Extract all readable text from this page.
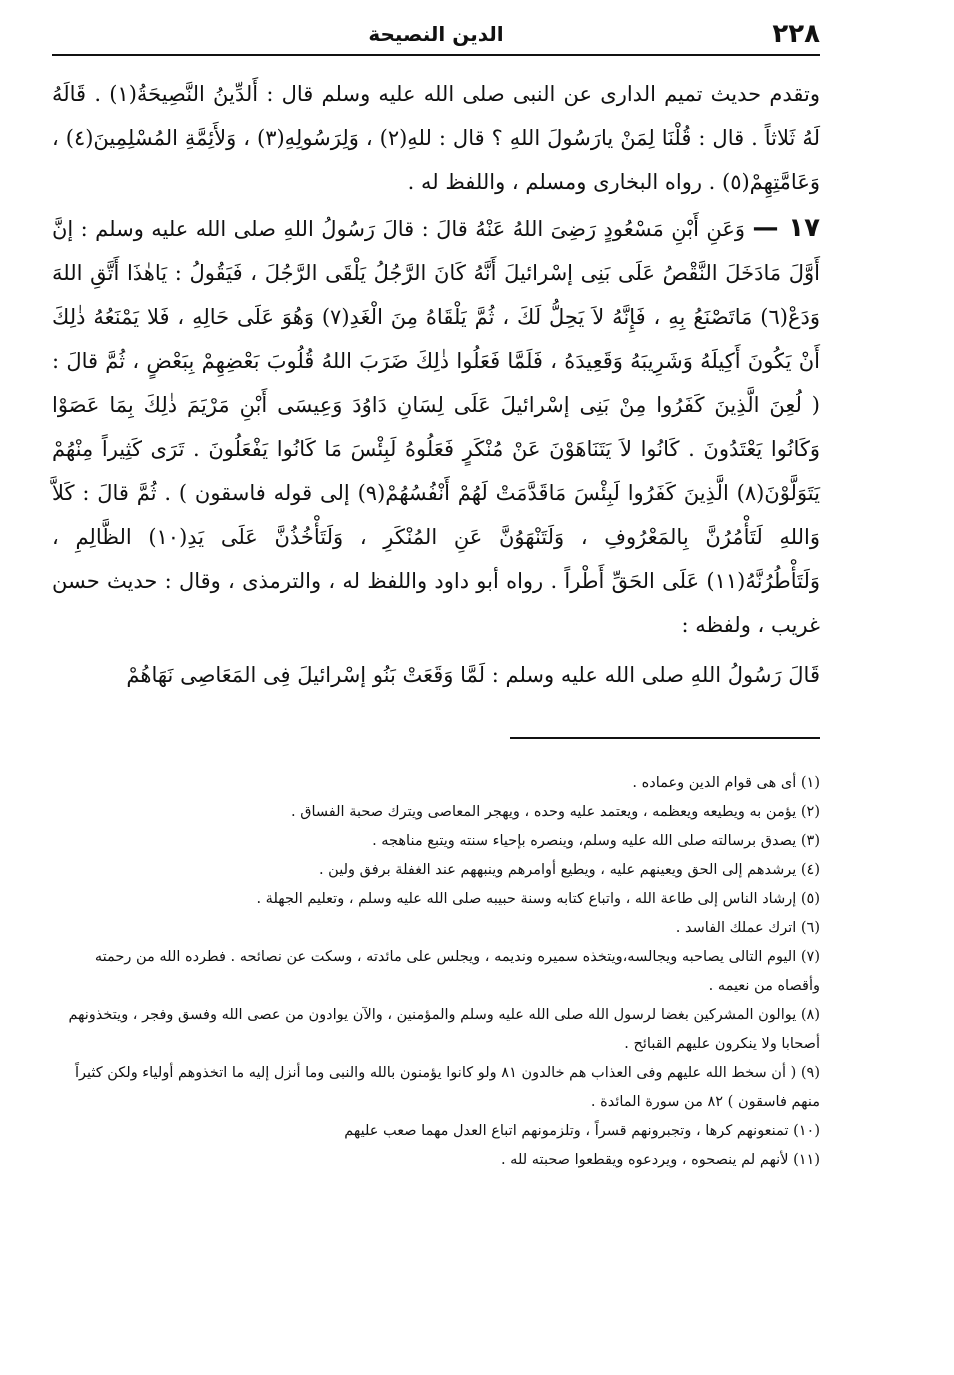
٢٢٨
الدين النصيحة

وتقدم حديث تميم الدارى عن النبى صلى الله عليه وسلم قال : أَلدِّينُ النَّصِيحَةُ(١) . قَالَهُ لَهُ ثَلاثاً . قال : قُلْنَا لِمَنْ يارَسُولَ اللهِ ؟ قال : للهِ(٢) ، وَلِرَسُولِهِ(٣) ، وَلأَئِمَّةِ المُسْلِمِينَ(٤) ، وَعَامَّتِهِمْ(٥) . رواه البخارى ومسلم ، واللفظ له .

١٧ — وَعَنِ أَبْنِ مَسْعُودٍ رَضِىَ اللهُ عَنْهُ قالَ : قالَ رَسُولُ اللهِ صلى الله عليه وسلم : إنَّ أَوَّلَ مَادَخَلَ النَّقْصُ عَلَى بَنِى إسْرائيلَ أَنَّهُ كَانَ الرَّجُلُ يَلْقَى الرَّجُلَ ، فَيَقُولُ : يَاهٰذَا أَتَّقِ اللهَ وَدَعْ(٦) مَاتَصْنَعُ بِهِ ، فَإِنَّهُ لاَ يَحِلُّ لَكَ ، ثُمَّ يَلْقَاهُ مِنَ الْغَدِ(٧) وَهُوَ عَلَى حَالِهِ ، فَلا يَمْنَعُهُ ذٰلِكَ أَنْ يَكُونَ أَكِيلَهُ وَشَرِيبَهُ وَقَعِيدَهُ ، فَلَمَّا فَعَلُوا ذٰلِكَ ضَرَبَ اللهُ قُلُوبَ بَعْضِهِمْ بِبَعْضٍ ، ثُمَّ قالَ : ( لُعِنَ الَّذِينَ كَفَرُوا مِنْ بَنِى إسْرائيلَ عَلَى لِسَانِ دَاوُدَ وَعِيسَى أَبْنِ مَرْيَمَ ذٰلِكَ بِمَا عَصَوْا وَكَانُوا يَعْتَدُونَ . كَانُوا لاَ يَتَنَاهَوْنَ عَنْ مُنْكَرٍ فَعَلُوهُ لَبِئْسَ مَا كَانُوا يَفْعَلُونَ . تَرَى كَثِيراً مِنْهُمْ يَتَوَلَّوْنَ(٨) الَّذِينَ كَفَرُوا لَبِئْسَ مَاقَدَّمَتْ لَهُمْ أَنْفُسُهُمْ(٩) إلى قوله فاسقون ) . ثُمَّ قالَ : كَلاَّ وَاللهِ لَتَأْمُرُنَّ بِالمَعْرُوفِ ، وَلَتَنْهَوُنَّ عَنِ المُنْكَرِ ، وَلَتَأْخُذُنَّ عَلَى يَدِ(١٠) الظَّالِمِ ، وَلَتَأْطُرُنَّهُ(١١) عَلَى الحَقِّ أَطْراً . رواه أبو داود واللفظ له ، والترمذى ، وقال : حديث حسن غريب ، ولفظه :

قَالَ رَسُولُ اللهِ صلى الله عليه وسلم : لَمَّا وَقَعَتْ بَنُو إسْرائيلَ فِى المَعَاصِى نَهَاهُمْ

(١) أى هى قوام الدين وعماده .

(٢) يؤمن به ويطيعه ويعظمه ، ويعتمد عليه وحده ، ويهجر المعاصى ويترك صحبة الفساق .

(٣) يصدق برسالته صلى الله عليه وسلم، وينصره بإحياء سنته ويتبع مناهجه .

(٤) يرشدهم إلى الحق ويعينهم عليه ، ويطيع أوامرهم وينبههم عند الغفلة برفق ولين .

(٥) إرشاد الناس إلى طاعة الله ، واتباع كتابه وسنة حبيبه صلى الله عليه وسلم ، وتعليم الجهلة .

(٦) اترك عملك الفاسد .

(٧) اليوم التالى يصاحبه ويجالسه،ويتخذه سميره ونديمه ، ويجلس على مائدته ، وسكت عن نصائحه . فطرده الله من رحمته وأقصاه من نعيمه .

(٨) يوالون المشركين بغضا لرسول الله صلى الله عليه وسلم والمؤمنين ، والآن يوادون من عصى الله وفسق وفجر ، ويتخذونهم أصحابا ولا ينكرون عليهم القبائح .

(٩) ( أن سخط الله عليهم وفى العذاب هم خالدون ٨١ ولو كانوا يؤمنون بالله والنبى وما أنزل إليه ما اتخذوهم أولياء ولكن كثيراً منهم فاسقون ) ٨٢ من سورة المائدة .

(١٠) تمنعونهم كرها ، وتجبرونهم قسراً ، وتلزمونهم اتباع العدل مهما صعب عليهم

(١١) لأنهم لم ينصحوه ، ويردعوه ويقطعوا صحبته لله .
